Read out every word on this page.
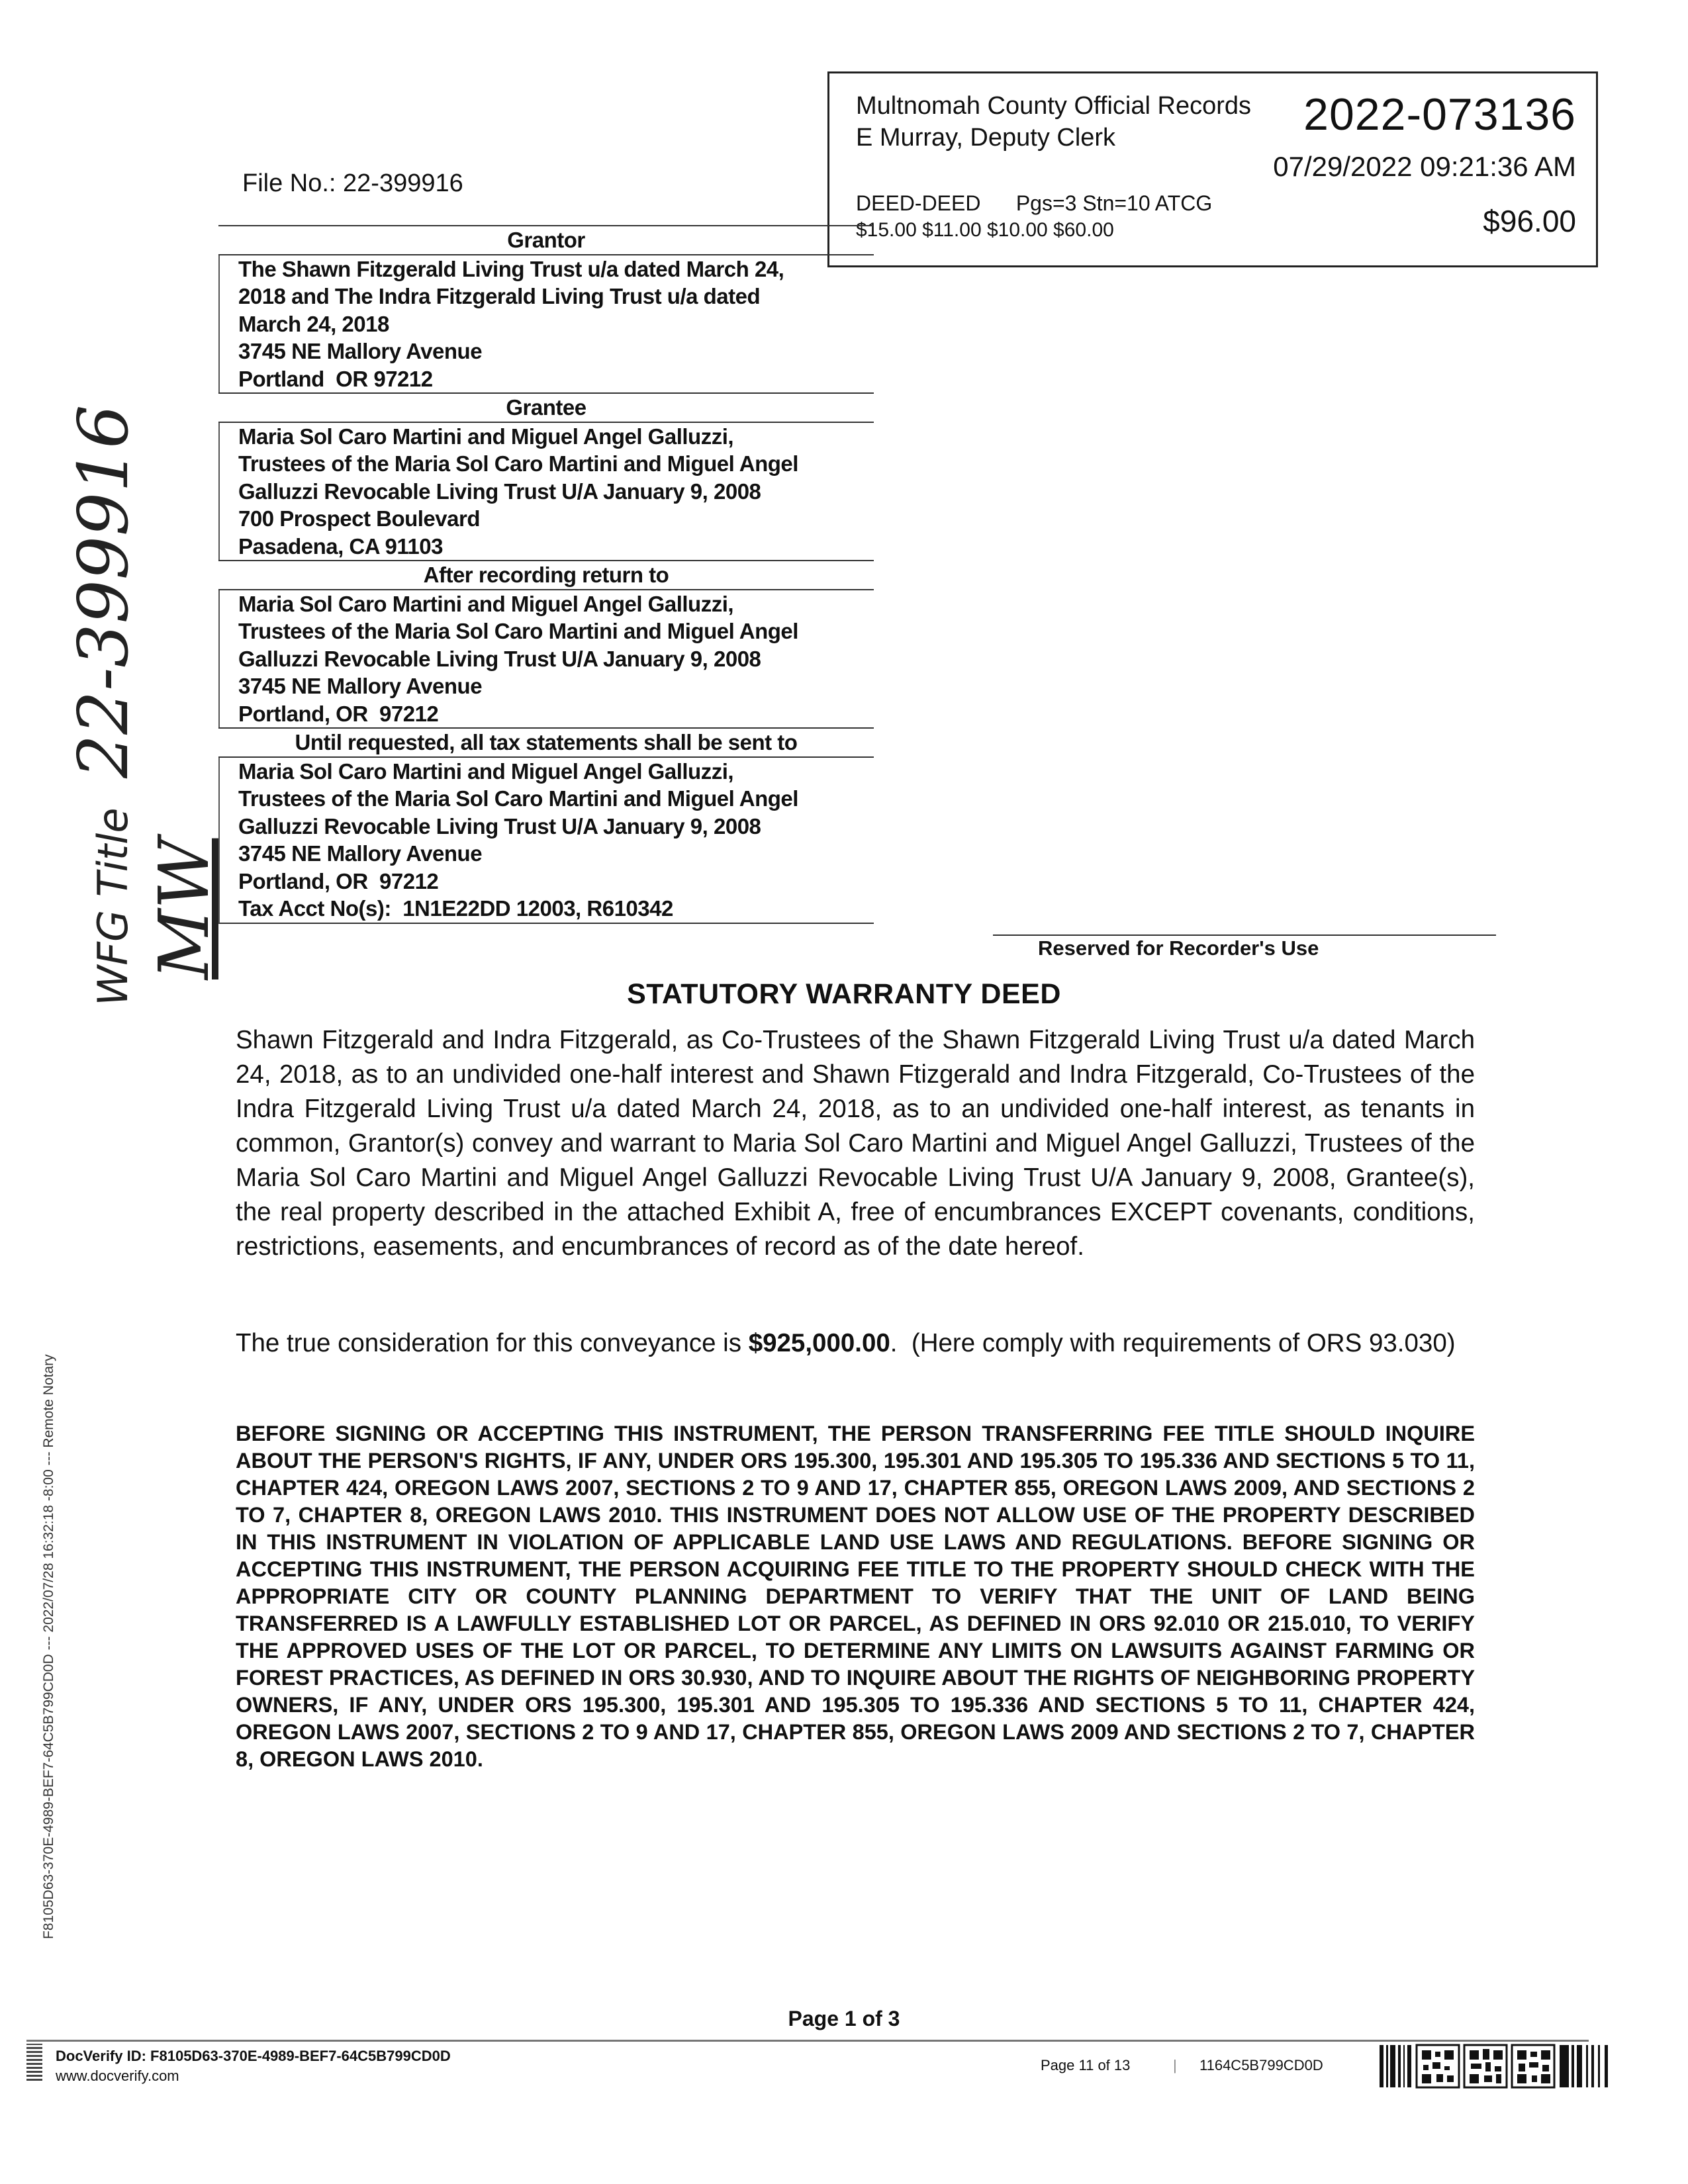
Multnomah County Official Records
E Murray, Deputy Clerk	2022-073136
07/29/2022 09:21:36 AM
DEED-DEED      Pgs=3 Stn=10 ATCG
$15.00 $11.00 $10.00 $60.00	$96.00
File No.: 22-399916
Grantor
The Shawn Fitzgerald Living Trust u/a dated March 24,
2018 and The Indra Fitzgerald Living Trust u/a dated
March 24, 2018
3745 NE Mallory Avenue
Portland  OR 97212
Grantee
Maria Sol Caro Martini and Miguel Angel Galluzzi,
Trustees of the Maria Sol Caro Martini and Miguel Angel
Galluzzi Revocable Living Trust U/A January 9, 2008
700 Prospect Boulevard
Pasadena, CA 91103
After recording return to
Maria Sol Caro Martini and Miguel Angel Galluzzi,
Trustees of the Maria Sol Caro Martini and Miguel Angel
Galluzzi Revocable Living Trust U/A January 9, 2008
3745 NE Mallory Avenue
Portland, OR  97212
Until requested, all tax statements shall be sent to
Maria Sol Caro Martini and Miguel Angel Galluzzi,
Trustees of the Maria Sol Caro Martini and Miguel Angel
Galluzzi Revocable Living Trust U/A January 9, 2008
3745 NE Mallory Avenue
Portland, OR  97212
Tax Acct No(s):  1N1E22DD 12003, R610342
Reserved for Recorder's Use
STATUTORY WARRANTY DEED
Shawn Fitzgerald and Indra Fitzgerald, as Co-Trustees of the Shawn Fitzgerald Living Trust u/a dated March 24, 2018, as to an undivided one-half interest and Shawn Ftizgerald and Indra Fitzgerald, Co-Trustees of the Indra Fitzgerald Living Trust u/a dated March 24, 2018, as to an undivided one-half interest, as tenants in common, Grantor(s) convey and warrant to Maria Sol Caro Martini and Miguel Angel Galluzzi, Trustees of the Maria Sol Caro Martini and Miguel Angel Galluzzi Revocable Living Trust U/A January 9, 2008, Grantee(s), the real property described in the attached Exhibit A, free of encumbrances EXCEPT covenants, conditions, restrictions, easements, and encumbrances of record as of the date hereof.
The true consideration for this conveyance is $925,000.00.  (Here comply with requirements of ORS 93.030)
BEFORE SIGNING OR ACCEPTING THIS INSTRUMENT, THE PERSON TRANSFERRING FEE TITLE SHOULD INQUIRE ABOUT THE PERSON'S RIGHTS, IF ANY, UNDER ORS 195.300, 195.301 AND 195.305 TO 195.336 AND SECTIONS 5 TO 11, CHAPTER 424, OREGON LAWS 2007, SECTIONS 2 TO 9 AND 17, CHAPTER 855, OREGON LAWS 2009, AND SECTIONS 2 TO 7, CHAPTER 8, OREGON LAWS 2010. THIS INSTRUMENT DOES NOT ALLOW USE OF THE PROPERTY DESCRIBED IN THIS INSTRUMENT IN VIOLATION OF APPLICABLE LAND USE LAWS AND REGULATIONS. BEFORE SIGNING OR ACCEPTING THIS INSTRUMENT, THE PERSON ACQUIRING FEE TITLE TO THE PROPERTY SHOULD CHECK WITH THE APPROPRIATE CITY OR COUNTY PLANNING DEPARTMENT TO VERIFY THAT THE UNIT OF LAND BEING TRANSFERRED IS A LAWFULLY ESTABLISHED LOT OR PARCEL, AS DEFINED IN ORS 92.010 OR 215.010, TO VERIFY THE APPROVED USES OF THE LOT OR PARCEL, TO DETERMINE ANY LIMITS ON LAWSUITS AGAINST FARMING OR FOREST PRACTICES, AS DEFINED IN ORS 30.930, AND TO INQUIRE ABOUT THE RIGHTS OF NEIGHBORING PROPERTY OWNERS, IF ANY, UNDER ORS 195.300, 195.301 AND 195.305 TO 195.336 AND SECTIONS 5 TO 11, CHAPTER 424, OREGON LAWS 2007, SECTIONS 2 TO 9 AND 17, CHAPTER 855, OREGON LAWS 2009 AND SECTIONS 2 TO 7, CHAPTER 8, OREGON LAWS 2010.
Page 1 of 3
WFG Title 22-399916 MW
F8105D63-370E-4989-BEF7-64C5B799CD0D --- 2022/07/28 16:32:18 -8:00 --- Remote Notary
DocVerify ID: F8105D63-370E-4989-BEF7-64C5B799CD0D
www.docverify.com
Page 11 of 13	| 1164C5B799CD0D
